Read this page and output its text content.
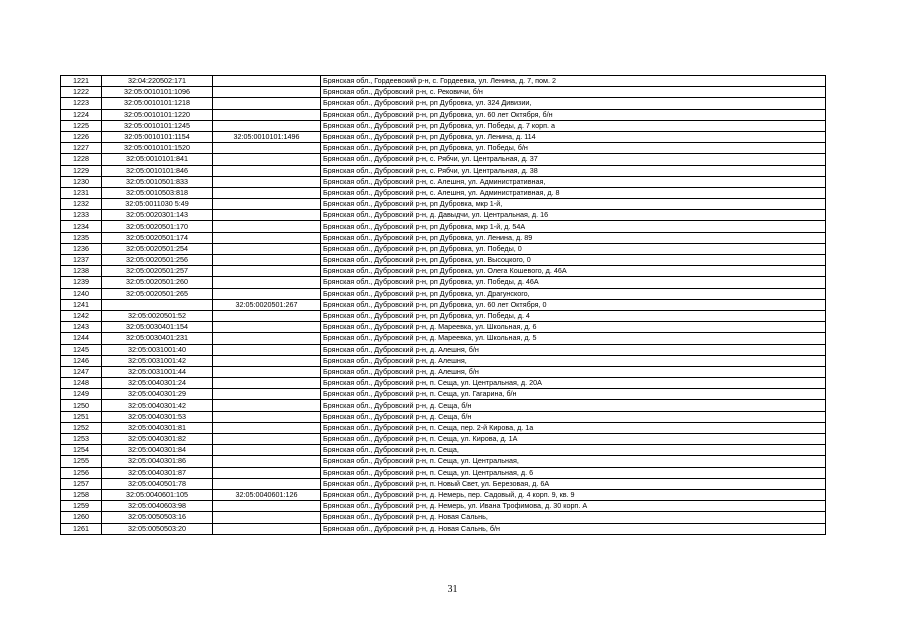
1221	32:04:220502:171		Брянская обл., Гордеевский р-н, с. Гордеевка, ул. Ленина, д. 7, пом. 2
1222	32:05:0010101:1096		Брянская обл., Дубровский р-н, с. Рековичи, б/н
1223	32:05:0010101:1218		Брянская обл., Дубровский р-н, рп Дубровка, ул. 324 Дивизии,
1224	32:05:0010101:1220		Брянская обл., Дубровский р-н, рп Дубровка, ул. 60 лет Октября, б/н
1225	32:05:0010101:1245		Брянская обл., Дубровский р-н, рп Дубровка, ул. Победы, д. 7 корп. а
1226	32:05:0010101:1154	32:05:0010101:1496	Брянская обл., Дубровский р-н, рп Дубровка, ул. Ленина, д. 114
1227	32:05:0010101:1520		Брянская обл., Дубровский р-н, рп Дубровка, ул. Победы, б/н
1228	32:05:0010101:841		Брянская обл., Дубровский р-н, с. Рябчи, ул. Центральная, д. 37
1229	32:05:0010101:846		Брянская обл., Дубровский р-н, с. Рябчи, ул. Центральная, д. 38
1230	32:05:0010501:833		Брянская обл., Дубровский р-н, с. Алешня, ул. Административная,
1231	32:05:0010503:818		Брянская обл., Дубровский р-н, с. Алешня, ул. Административная, д. 8
1232	32:05:0011030 5:49		Брянская обл., Дубровский р-н, рп Дубровка, мкр 1-й,
1233	32:05:0020301:143		Брянская обл., Дубровский р-н, д. Давыдчи, ул. Центральная, д. 16
1234	32:05:0020501:170		Брянская обл., Дубровский р-н, рп Дубровка, мкр 1-й, д. 54А
1235	32:05:0020501:174		Брянская обл., Дубровский р-н, рп Дубровка, ул. Ленина, д. 89
1236	32:05:0020501:254		Брянская обл., Дубровский р-н, рп Дубровка, ул. Победы, 0
1237	32:05:0020501:256		Брянская обл., Дубровский р-н, рп Дубровка, ул. Высоцкого, 0
1238	32:05:0020501:257		Брянская обл., Дубровский р-н, рп Дубровка, ул. Олега Кошевого, д. 46А
1239	32:05:0020501:260		Брянская обл., Дубровский р-н, рп Дубровка, ул. Победы, д. 46А
1240	32:05:0020501:265		Брянская обл., Дубровский р-н, рп Дубровка, ул. Драгунского,
1241		32:05:0020501:267	Брянская обл., Дубровский р-н, рп Дубровка, ул. 60 лет Октября, 0
1242	32:05:0020501:52		Брянская обл., Дубровский р-н, рп Дубровка, ул. Победы, д. 4
1243	32:05:0030401:154		Брянская обл., Дубровский р-н, д. Мареевка, ул. Школьная, д. 6
1244	32:05:0030401:231		Брянская обл., Дубровский р-н, д. Мареевка, ул. Школьная, д. 5
1245	32:05:0031001:40		Брянская обл., Дубровский р-н, д. Алешня, б/н
1246	32:05:0031001:42		Брянская обл., Дубровский р-н, д. Алешня,
1247	32:05:0031001:44		Брянская обл., Дубровский р-н, д. Алешня, б/н
1248	32:05:0040301:24		Брянская обл., Дубровский р-н, п. Сеща, ул. Центральная, д. 20А
1249	32:05:0040301:29		Брянская обл., Дубровский р-н, п. Сеща, ул. Гагарина, б/н
1250	32:05:0040301:42		Брянская обл., Дубровский р-н, д. Сеща, б/н
1251	32:05:0040301:53		Брянская обл., Дубровский р-н, д. Сеща, б/н
1252	32:05:0040301:81		Брянская обл., Дубровский р-н, п. Сеща, пер. 2-й Кирова, д. 1а
1253	32:05:0040301:82		Брянская обл., Дубровский р-н, п. Сеща, ул. Кирова, д. 1А
1254	32:05:0040301:84		Брянская обл., Дубровский р-н, п. Сеща,
1255	32:05:0040301:86		Брянская обл., Дубровский р-н, п. Сеща, ул. Центральная,
1256	32:05:0040301:87		Брянская обл., Дубровский р-н, п. Сеща, ул. Центральная, д. 6
1257	32:05:0040501:78		Брянская обл., Дубровский р-н, п. Новый Свет, ул. Березовая, д. 6А
1258	32:05:0040601:105	32:05:0040601:126	Брянская обл., Дубровский р-н, д. Немерь, пер. Садовый, д. 4 корп. 9, кв. 9
1259	32:05:0040603:98		Брянская обл., Дубровский р-н, д. Немерь, ул. Ивана Трофимова, д. 30 корп. А
1260	32:05:0050503:16		Брянская обл., Дубровский р-н, д. Новая Сальнь,
1261	32:05:0050503:20		Брянская обл., Дубровский р-н, д. Новая Сальнь, б/н
31
